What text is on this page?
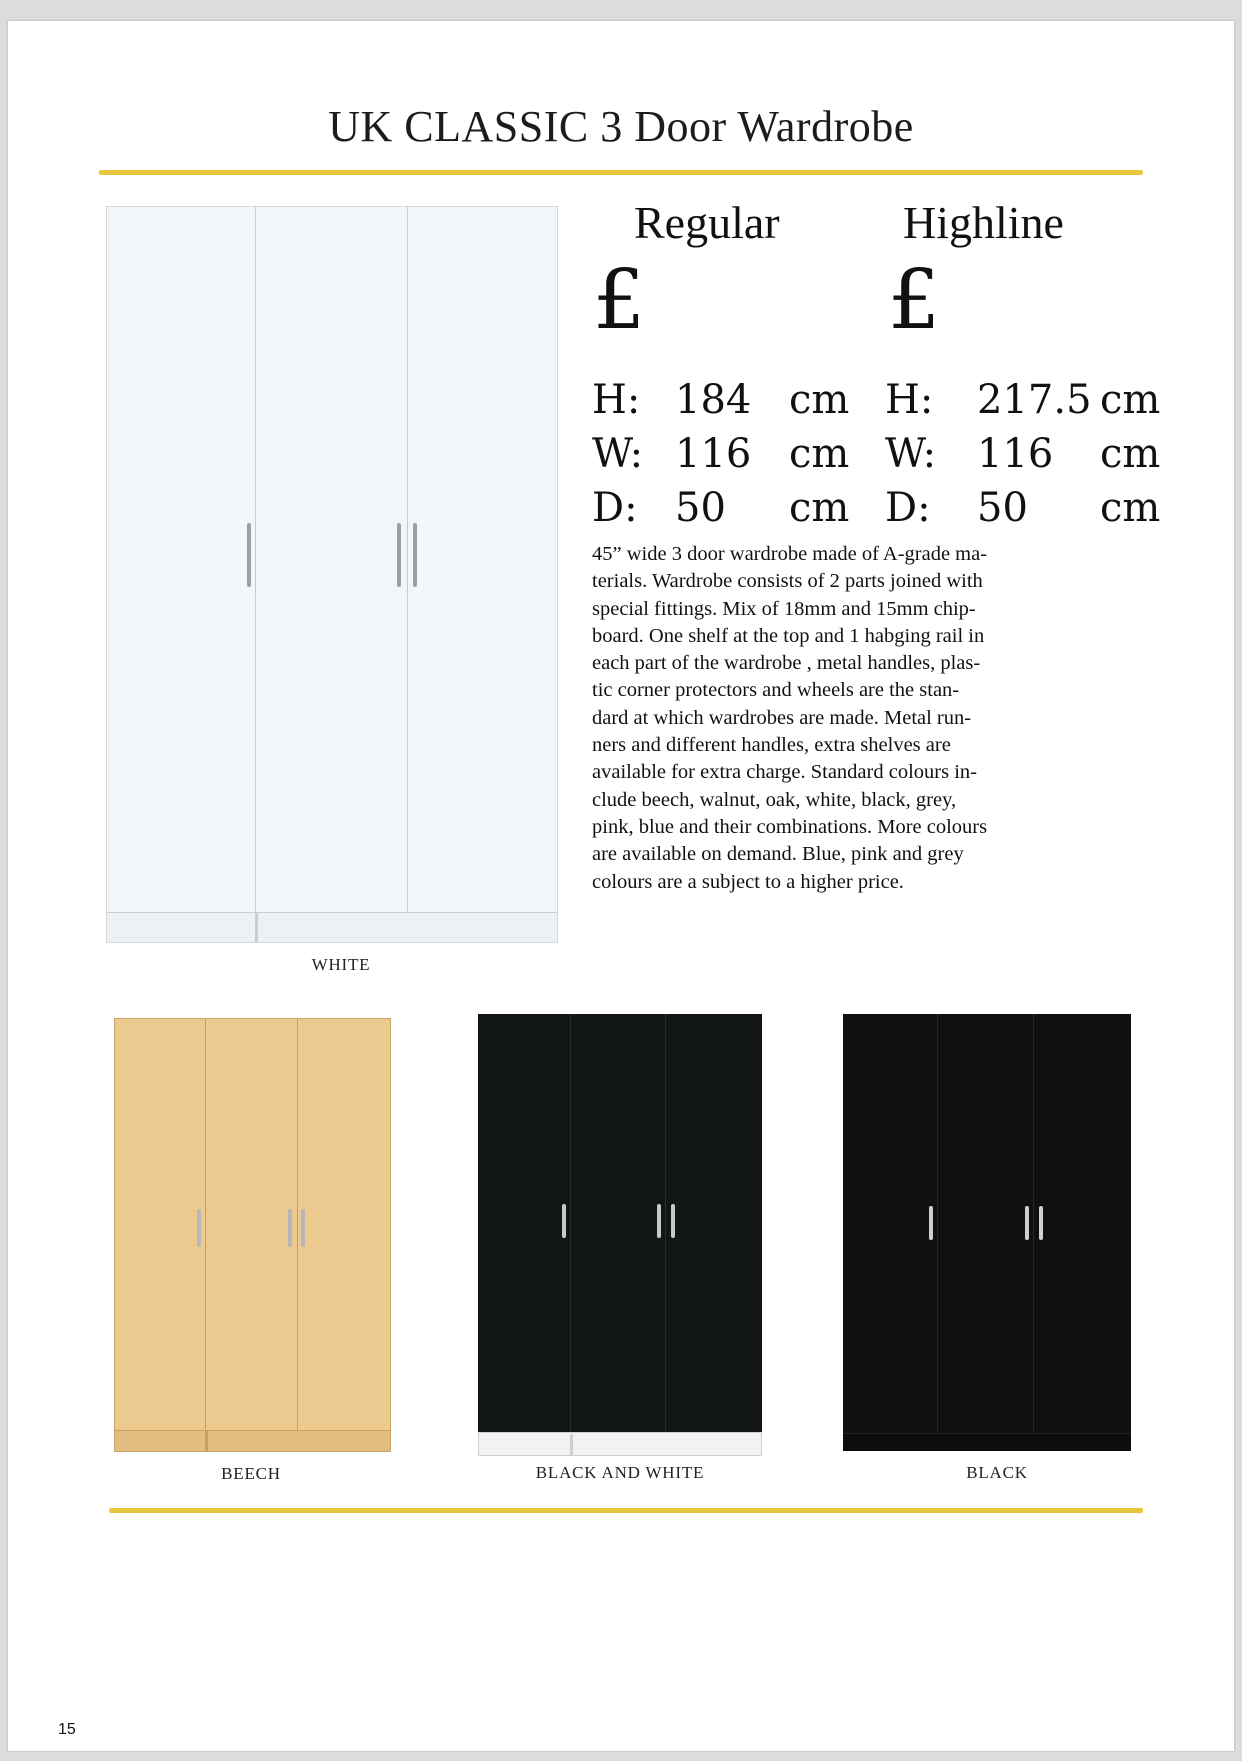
UK CLASSIC 3 Door Wardrobe
WHITE
Regular	Highline
£	£
H: 184 cm H: 217.5 cm
W: 116 cm W: 116 cm
D: 50 cm D: 50 cm
45” wide 3 door wardrobe made of A-grade ma-
terials. Wardrobe consists of 2 parts joined with
special fittings. Mix of 18mm and 15mm chip-
board. One shelf at the top and 1 habging rail in
each part of the wardrobe , metal handles, plas-
tic corner protectors and wheels are the stan-
dard at which wardrobes are made. Metal run-
ners and different handles, extra shelves are
available for extra charge. Standard colours in-
clude beech, walnut, oak, white, black, grey,
pink, blue and their combinations. More colours
are available on demand. Blue, pink and grey
colours are a subject to a higher price.
BEECH	BLACK AND WHITE	BLACK
15
